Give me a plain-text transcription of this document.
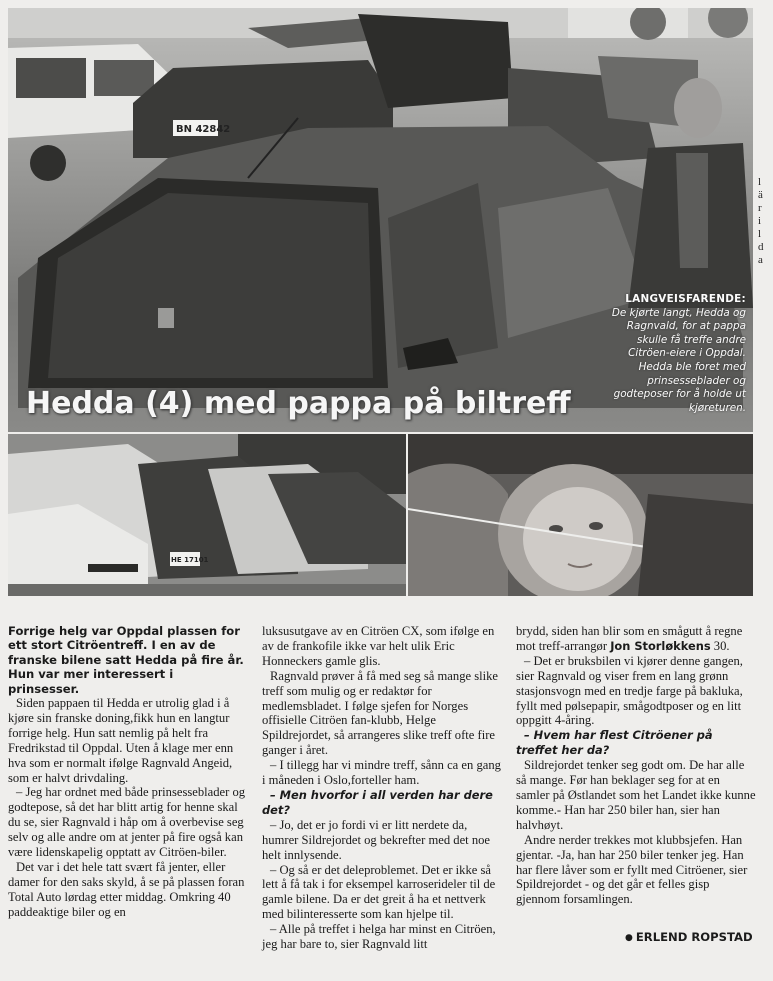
BN 42842
Hedda (4) med pappa på biltreff
LANGVEISFARENDE:
De kjørte langt, Hedda og Ragnvald, for at pappa skulle få treffe andre Citröen-eiere i Oppdal. Hedda ble foret med prinsesseblader og godteposer for å holde ut kjøreturen.
l
ä
r
i
l
d
a
HE 17101

Forrige helg var Oppdal plassen for ett stort Citröentreff. I en av de franske bilene satt Hedda på fire år. Hun var mer interessert i prinsesser.

Siden pappaen til Hedda er utrolig glad i å kjøre sin franske doning,fikk hun en langtur forrige helg. Hun satt nemlig på helt fra Fredrikstad til Oppdal. Uten å klage mer enn hva som er normalt ifølge Ragnvald Angeid, som er halvt drivdaling.

– Jeg har ordnet med både prinsesseblader og godtepose, så det har blitt artig for henne skal du se, sier Ragnvald i håp om å overbevise seg selv og alle andre om at jenter på fire også kan være lidenskapelig opptatt av Citröen-biler.

Det var i det hele tatt svært få jenter, eller damer for den saks skyld, å se på plassen foran Total Auto lørdag etter middag. Omkring 40 paddeaktige biler og en

luksusutgave av en Citröen CX, som ifølge en av de frankofile ikke var helt ulik Eric Honneckers gamle glis.

Ragnvald prøver å få med seg så mange slike treff som mulig og er redaktør for medlemsbladet. I følge sjefen for Norges offisielle Citröen fan-klubb, Helge Spildrejordet, så arrangeres slike treff ofte fire ganger i året.

– I tillegg har vi mindre treff, sånn ca en gang i måneden i Oslo,forteller ham.

– Men hvorfor i all verden har dere det?

– Jo, det er jo fordi vi er litt nerdete da, humrer Sildrejordet og bekrefter med det noe helt innlysende.

– Og så er det deleproblemet. Det er ikke så lett å få tak i for eksempel karroserideler til de gamle bilene. Da er det greit å ha et nettverk med bilinteresserte som kan hjelpe til.

– Alle på treffet i helga har minst en Citröen, jeg har bare to, sier Ragnvald litt

brydd, siden han blir som en smågutt å regne mot treff-arrangør Jon Storløkkens 30.

– Det er bruksbilen vi kjører denne gangen, sier Ragnvald og viser frem en lang grønn stasjonsvogn med en tredje farge på bakluka, fyllt med pølsepapir, smågodtposer og en litt oppgitt 4-åring.

– Hvem har flest Citröener på treffet her da?

Sildrejordet tenker seg godt om. De har alle så mange. Før han beklager seg for at en samler på Østlandet som het Landet ikke kunne komme.- Han har 250 biler han, sier han halvhøyt.

Andre nerder trekkes mot klubbsjefen. Han gjentar. -Ja, han har 250 biler tenker jeg. Han har flere låver som er fyllt med Citröener, sier Spildrejordet - og det går et felles gisp gjennom forsamlingen.

● ERLEND ROPSTAD
